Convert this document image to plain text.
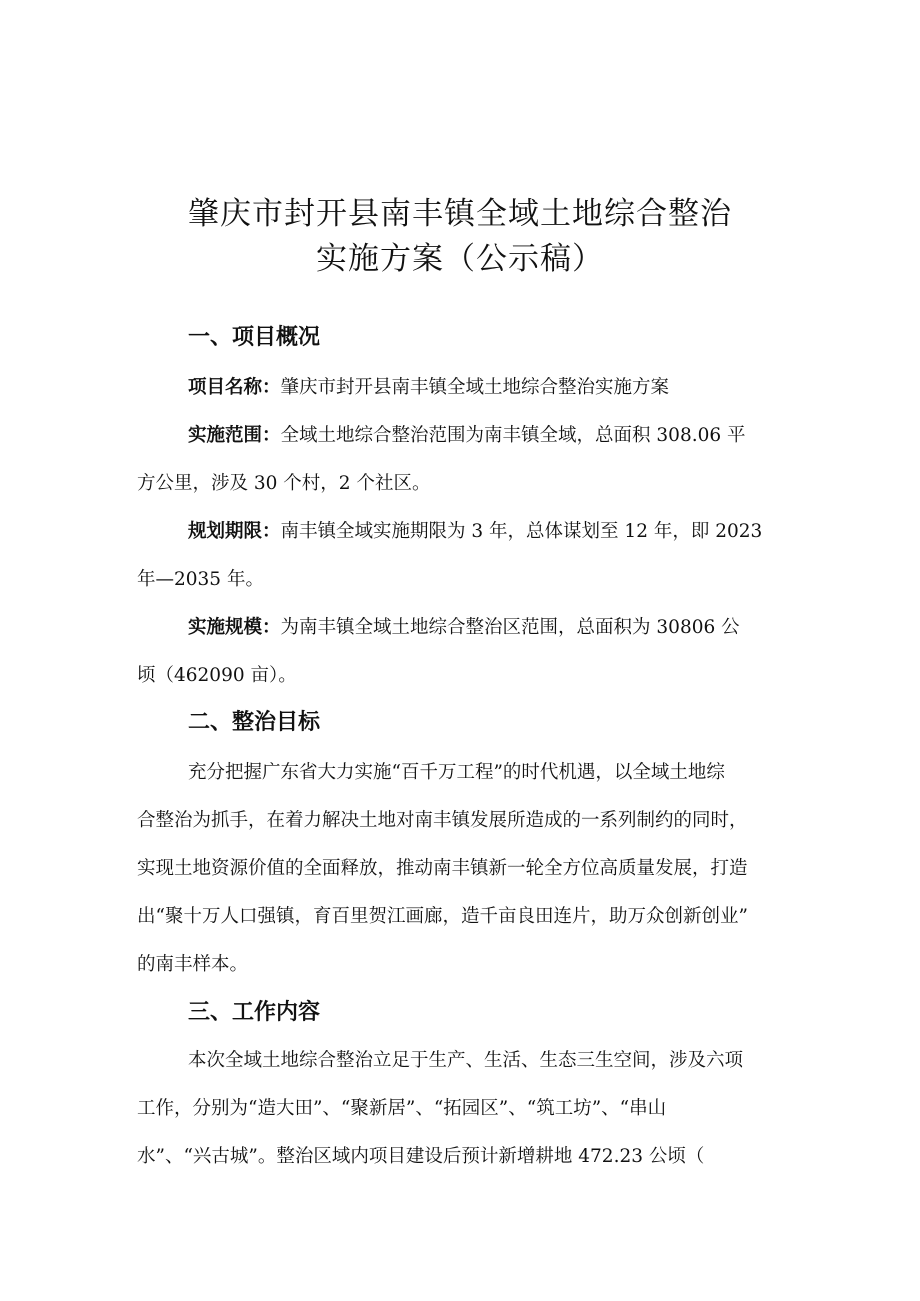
肇庆市封开县南丰镇全域土地综合整治
实施方案（公示稿）
一、项目概况
项目名称：肇庆市封开县南丰镇全域土地综合整治实施方案
实施范围：全域土地综合整治范围为南丰镇全域，总面积 308.06 平
方公里，涉及 30 个村，2 个社区。
规划期限：南丰镇全域实施期限为 3 年，总体谋划至 12 年，即 2023
年—2035 年。
实施规模：为南丰镇全域土地综合整治区范围，总面积为 30806 公
顷（462090 亩）。
二、整治目标
充分把握广东省大力实施“百千万工程”的时代机遇，以全域土地综
合整治为抓手，在着力解决土地对南丰镇发展所造成的一系列制约的同时，
实现土地资源价值的全面释放，推动南丰镇新一轮全方位高质量发展，打造
出“聚十万人口强镇，育百里贺江画廊，造千亩良田连片，助万众创新创业”
的南丰样本。
三、工作内容
本次全域土地综合整治立足于生产、生活、生态三生空间，涉及六项
工作，分别为“造大田”、“聚新居”、“拓园区”、“筑工坊”、“串山
水”、“兴古城”。整治区域内项目建设后预计新增耕地 472.23 公顷（
